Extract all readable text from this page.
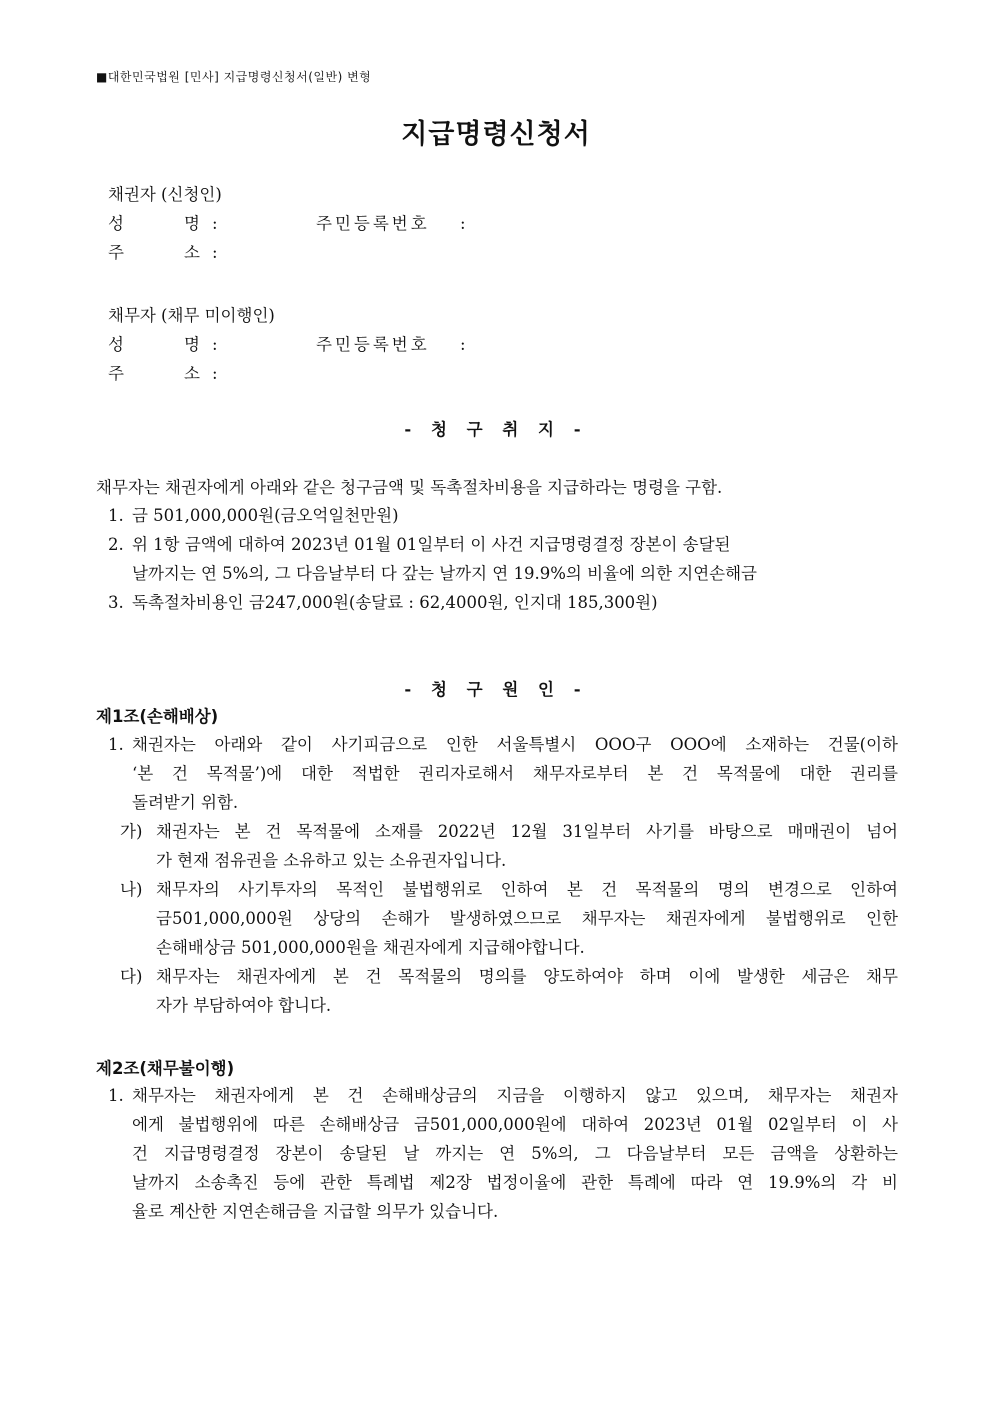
■대한민국법원 [민사] 지급명령신청서(일반) 변형
지급명령신청서
채권자 (신청인)
성	명 :	주민등록번호 :
주	소 :
채무자 (채무 미이행인)
성	명 :	주민등록번호 :
주	소 :
- 청 구 취 지 -
채무자는 채권자에게 아래와 같은 청구금액 및 독촉절차비용을 지급하라는 명령을 구함.
1. 금 501,000,000원(금오억일천만원)
2. 위 1항 금액에 대하여 2023년 01월 01일부터 이 사건 지급명령결정 장본이 송달된
날까지는 연 5%의, 그 다음날부터 다 갚는 날까지 연 19.9%의 비율에 의한 지연손해금
3. 독촉절차비용인 금247,000원(송달료 : 62,4000원, 인지대 185,300원)
- 청 구 원 인 -
제1조(손해배상)
1. 채권자는 아래와 같이 사기피금으로 인한 서울특별시 OOO구 OOO에 소재하는 건물(이하
‘본 건 목적물’)에 대한 적법한 권리자로해서 채무자로부터 본 건 목적물에 대한 권리를
돌려받기 위함.
가) 채권자는 본 건 목적물에 소재를 2022년 12월 31일부터 사기를 바탕으로 매매권이 넘어
가 현재 점유권을 소유하고 있는 소유권자입니다.
나) 채무자의 사기투자의 목적인 불법행위로 인하여 본 건 목적물의 명의 변경으로 인하여
금501,000,000원 상당의 손해가 발생하였으므로 채무자는 채권자에게 불법행위로 인한
손해배상금 501,000,000원을 채권자에게 지급해야합니다.
다) 채무자는 채권자에게 본 건 목적물의 명의를 양도하여야 하며 이에 발생한 세금은 채무
자가 부담하여야 합니다.
제2조(채무불이행)
1. 채무자는 채권자에게 본 건 손해배상금의 지금을 이행하지 않고 있으며, 채무자는 채권자
에게 불법행위에 따른 손해배상금 금501,000,000원에 대하여 2023년 01월 02일부터 이 사
건 지급명령결정 장본이 송달된 날 까지는 연 5%의, 그 다음날부터 모든 금액을 상환하는
날까지 소송촉진 등에 관한 특례법 제2장 법정이율에 관한 특례에 따라 연 19.9%의 각 비
율로 계산한 지연손해금을 지급할 의무가 있습니다.
